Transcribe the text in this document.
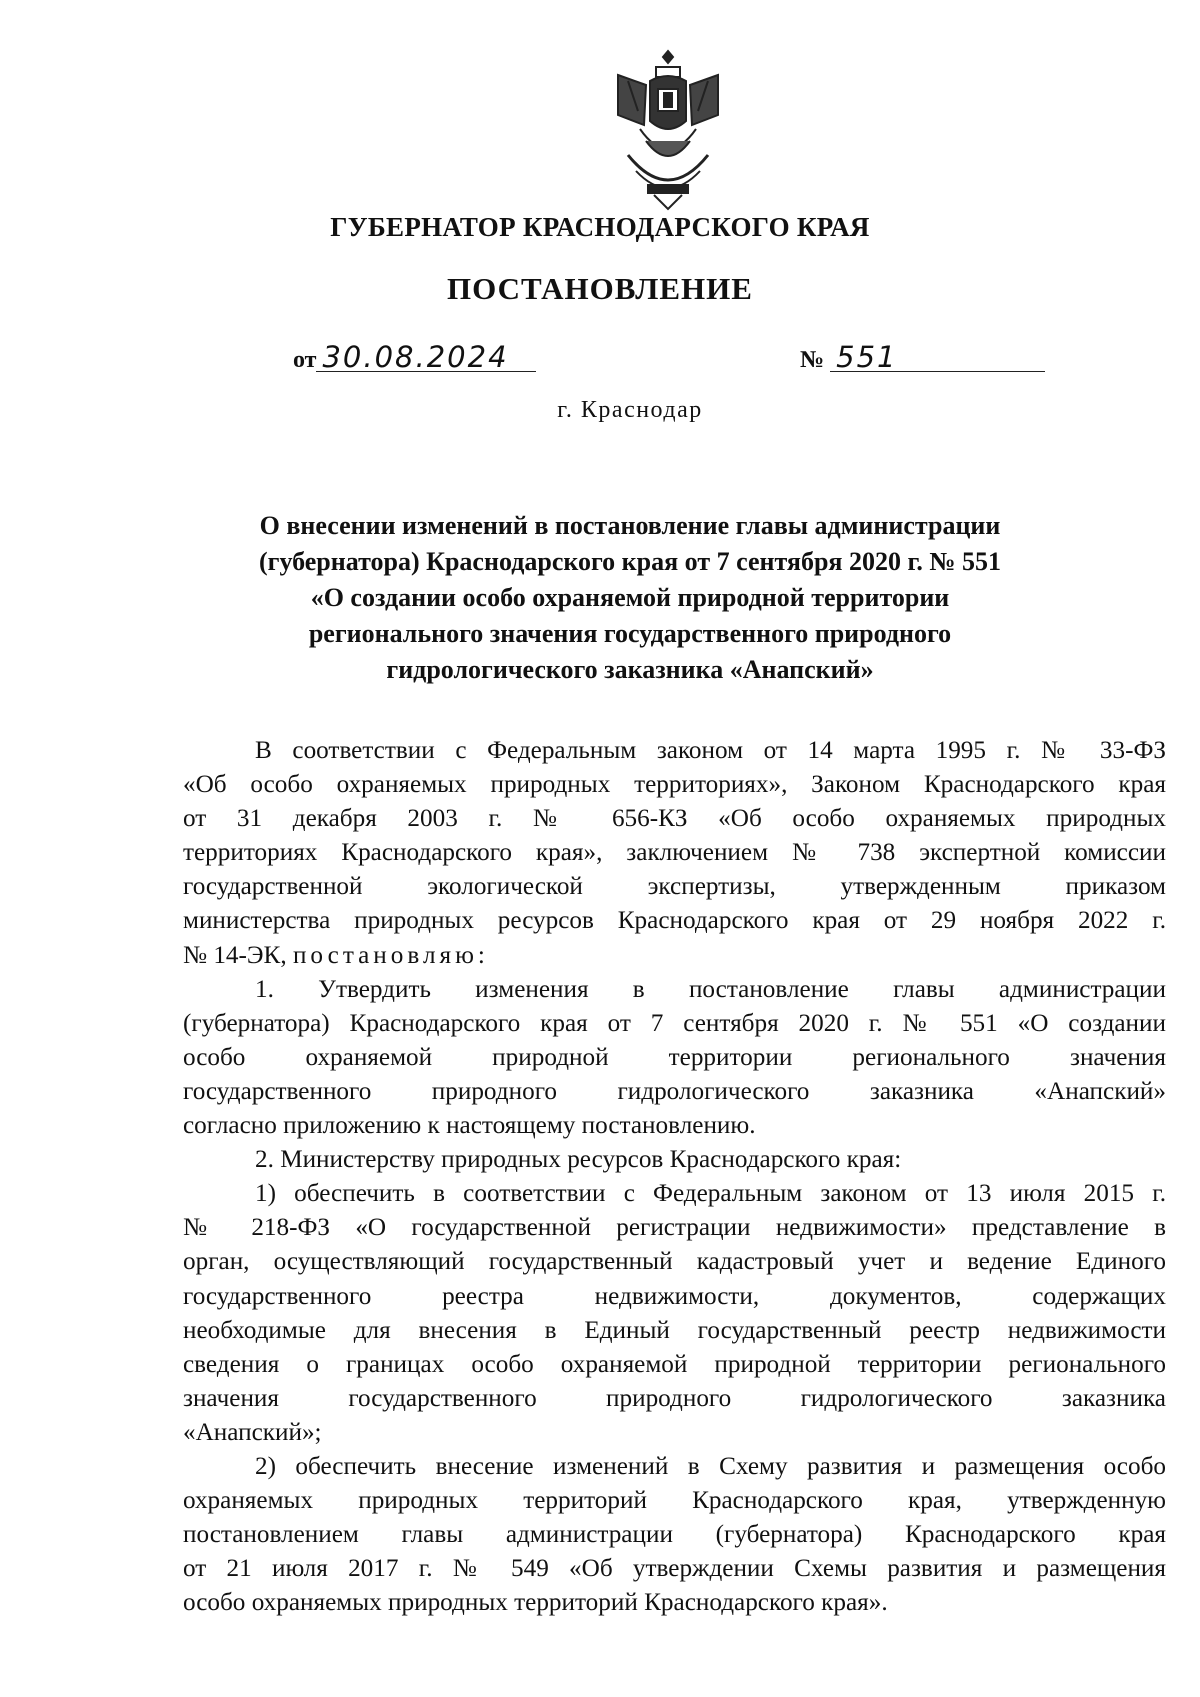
ГУБЕРНАТОР КРАСНОДАРСКОГО КРАЯ
ПОСТАНОВЛЕНИЕ
от 30.08.2024	№ 551
г. Краснодар
О внесении изменений в постановление главы администрации
(губернатора) Краснодарского края от 7 сентября 2020 г. № 551
«О создании особо охраняемой природной территории
регионального значения государственного природного
гидрологического заказника «Анапский»
В соответствии с Федеральным законом от 14 марта 1995 г. № 33-ФЗ
«Об особо охраняемых природных территориях», Законом Краснодарского края
от 31 декабря 2003 г. № 656-КЗ «Об особо охраняемых природных
территориях Краснодарского края», заключением № 738 экспертной комиссии
государственной экологической экспертизы, утвержденным приказом
министерства природных ресурсов Краснодарского края от 29 ноября 2022 г.
№ 14-ЭК, постановляю:
1. Утвердить изменения в постановление главы администрации
(губернатора) Краснодарского края от 7 сентября 2020 г. № 551 «О создании
особо охраняемой природной территории регионального значения
государственного природного гидрологического заказника «Анапский»
согласно приложению к настоящему постановлению.
2. Министерству природных ресурсов Краснодарского края:
1) обеспечить в соответствии с Федеральным законом от 13 июля 2015 г.
№ 218-ФЗ «О государственной регистрации недвижимости» представление в
орган, осуществляющий государственный кадастровый учет и ведение Единого
государственного реестра недвижимости, документов, содержащих
необходимые для внесения в Единый государственный реестр недвижимости
сведения о границах особо охраняемой природной территории регионального
значения государственного природного гидрологического заказника
«Анапский»;
2) обеспечить внесение изменений в Схему развития и размещения особо
охраняемых природных территорий Краснодарского края, утвержденную
постановлением главы администрации (губернатора) Краснодарского края
от 21 июля 2017 г. № 549 «Об утверждении Схемы развития и размещения
особо охраняемых природных территорий Краснодарского края».
